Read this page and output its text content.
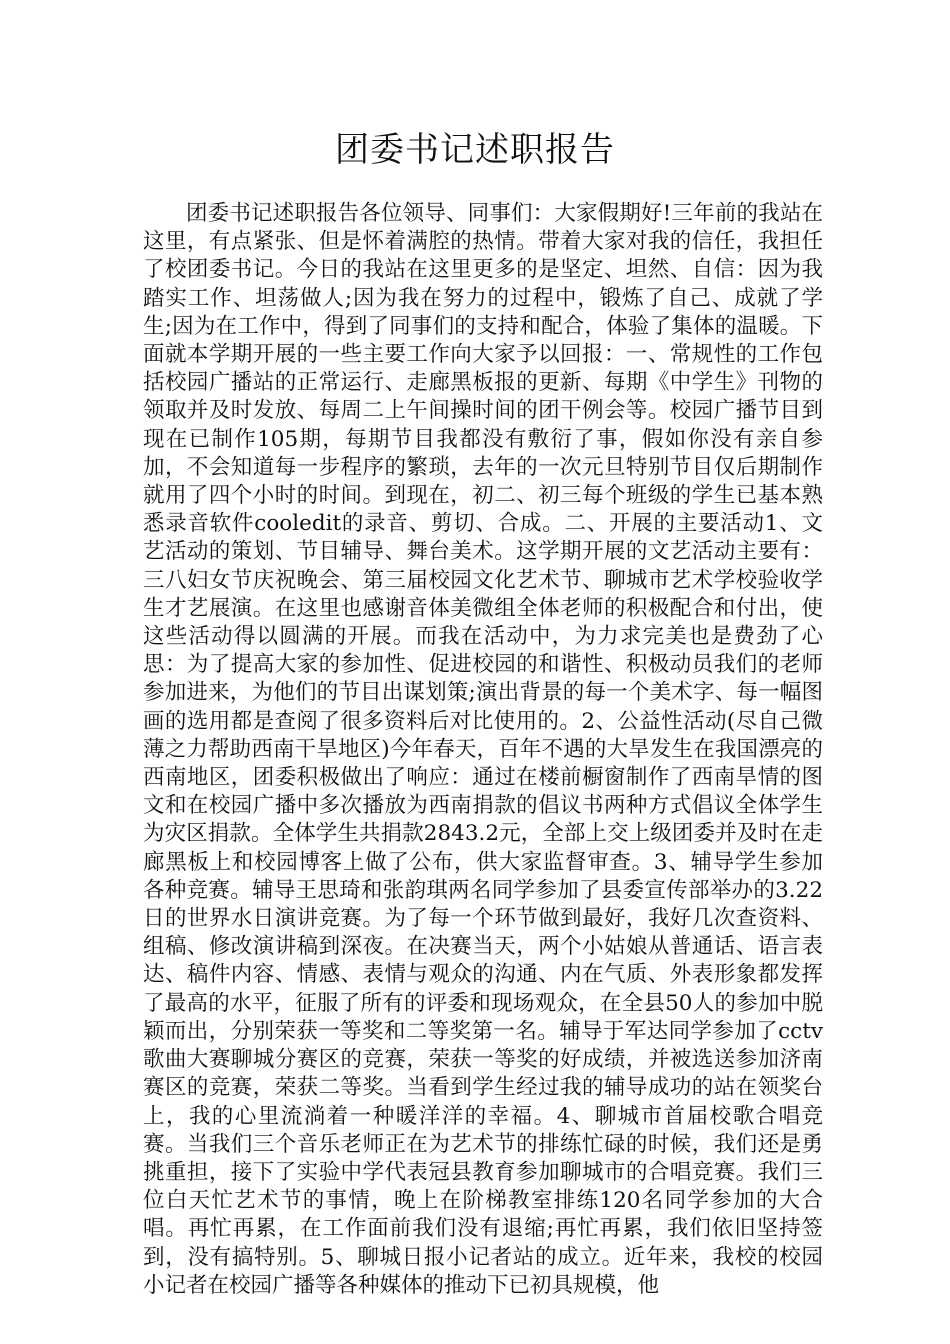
团委书记述职报告

团委书记述职报告各位领导、同事们：大家假期好!三年前的我站在这里，有点紧张、但是怀着满腔的热情。带着大家对我的信任，我担任了校团委书记。今日的我站在这里更多的是坚定、坦然、自信：因为我踏实工作、坦荡做人;因为我在努力的过程中，锻炼了自己、成就了学生;因为在工作中，得到了同事们的支持和配合，体验了集体的温暖。下面就本学期开展的一些主要工作向大家予以回报：一、常规性的工作包括校园广播站的正常运行、走廊黑板报的更新、每期《中学生》刊物的领取并及时发放、每周二上午间操时间的团干例会等。校园广播节目到现在已制作105期，每期节目我都没有敷衍了事，假如你没有亲自参加，不会知道每一步程序的繁琐，去年的一次元旦特别节目仅后期制作就用了四个小时的时间。到现在，初二、初三每个班级的学生已基本熟悉录音软件cooledit的录音、剪切、合成。二、开展的主要活动1、文艺活动的策划、节目辅导、舞台美术。这学期开展的文艺活动主要有：三八妇女节庆祝晚会、第三届校园文化艺术节、聊城市艺术学校验收学生才艺展演。在这里也感谢音体美微组全体老师的积极配合和付出，使这些活动得以圆满的开展。而我在活动中，为力求完美也是费劲了心思：为了提高大家的参加性、促进校园的和谐性、积极动员我们的老师参加进来，为他们的节目出谋划策;演出背景的每一个美术字、每一幅图画的选用都是查阅了很多资料后对比使用的。2、公益性活动(尽自己微薄之力帮助西南干旱地区)今年春天，百年不遇的大旱发生在我国漂亮的西南地区，团委积极做出了响应：通过在楼前橱窗制作了西南旱情的图文和在校园广播中多次播放为西南捐款的倡议书两种方式倡议全体学生为灾区捐款。全体学生共捐款2843.2元，全部上交上级团委并及时在走廊黑板上和校园博客上做了公布，供大家监督审查。3、辅导学生参加各种竞赛。辅导王思琦和张韵琪两名同学参加了县委宣传部举办的3.22日的世界水日演讲竞赛。为了每一个环节做到最好，我好几次查资料、组稿、修改演讲稿到深夜。在决赛当天，两个小姑娘从普通话、语言表达、稿件内容、情感、表情与观众的沟通、内在气质、外表形象都发挥了最高的水平，征服了所有的评委和现场观众，在全县50人的参加中脱颖而出，分别荣获一等奖和二等奖第一名。辅导于军达同学参加了cctv歌曲大赛聊城分赛区的竞赛，荣获一等奖的好成绩，并被选送参加济南赛区的竞赛，荣获二等奖。当看到学生经过我的辅导成功的站在领奖台上，我的心里流淌着一种暖洋洋的幸福。4、聊城市首届校歌合唱竞赛。当我们三个音乐老师正在为艺术节的排练忙碌的时候，我们还是勇挑重担，接下了实验中学代表冠县教育参加聊城市的合唱竞赛。我们三位白天忙艺术节的事情，晚上在阶梯教室排练120名同学参加的大合唱。再忙再累，在工作面前我们没有退缩;再忙再累，我们依旧坚持签到，没有搞特别。5、聊城日报小记者站的成立。近年来，我校的校园小记者在校园广播等各种媒体的推动下已初具规模，他
